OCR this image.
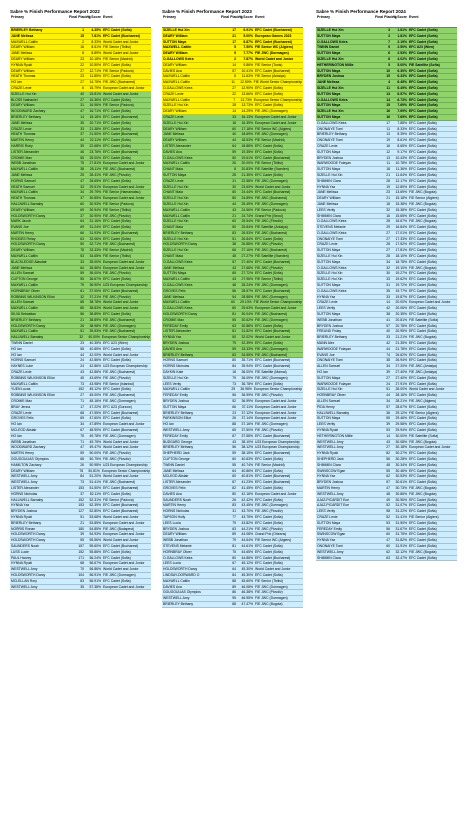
Sabre % Finish Performance Report 2022
Primary	Final Placing
% Score Event
BRIERLEY Bethany	1	4.35% EFC Cadet (Sofia)
JANE Melissa	15	7.81% EFC Cadet (Bucharest)
MAXWELL Caitlin	2	8.33% World Cadet and Junior
DEARY William	16	8.51% FIE Senior (Tbilisi)
JANE Melissa	8	8.89% World Cadet and Junior
DEARY William	23	10.18% FIE Senior (Madrid)
HYNNA Ryuki	22	10.50% EFC Cadet (Sofia)
DEARY William	27	12.71% FIE Senior (Padova)
HEATH Thomas	23	11.85% EFC Cadet (Sofia)
HO Ian	27	14.75% FIE JWC (Bucharest)
CRAZE Lexie	6	15.79% European Cadet and Junior
SIZELLE Hui Xin	40	15.81% World Cadet and Junior
BLOSS Nathaniel	27	16.36% EFC Cadet (Sofia)
DEARY William	31	16.96% FIE Senior (Padova)
WOODWARD Zachary	47	16.71% EFC Cadet (Sofia)
BRIERLEY Bethany	14	18.18% EFC Cadet (Bucharest)
JANE Melissa	35	20.71% EFC Cadet (Sofia)
CRAZE Lexie	33	21.38% EFC Cadet (Sofia)
HEATH Thomas	37	21.50% EFC Cadet (Bucharest)
MARTIN Henry	44	22.11% EFC Cadet (Sofia)
HARRIS Ruby	39	22.68% EFC Cadet (Sofia)
LISTER Alexander	46	23.76% EFC Cadet (Bucharest)
CROMIE Max	55	25.00% EFC Cadet (Sofia)
WEBB Jonathan	75	27.81% European Cadet and Junior
MAXWELL Caitlin	38	28.11% FIE JWC (Bucharest)
JANE Melissa	25	28.41% FIE JWC (Plovdiv)
HORNS Samuel	47	28.65% EFC Cadet (Sofia)
HEATH Samuel	33	29.51% European Cadet and Junior
MAXWELL Caitlin	34	29.79% FIE Senior (Hamamatsu)
HEATH Thomas	37	30.85% European Cadet and Junior
HALLIWELL Barnaby	60	30.93% FIE Senior (Padova)
DEARY William	69	30.94% FIE Senior (Tbilisi)
HOLDSWORTH Darcy	37	30.90% FIE JWC (Plovdiv)
MARK Jacob	64	31.16% EFC Cadet (Sofia)
EVANS Joe	69	31.24% EFC Cadet (Sofia)
MARTIN Henry	66	31.93% EFC Cadet (Bucharest)
RHODES Finlay	63	32.06% EFC Cadet (Sofia)
HOLDSWORTH Darcy	50	32.71% FIE JWC (Bucharest)
DEARY William	78	33.33% FIE Senior (Madrid)
MAXWELL Caitlin	53	34.65% FIE Senior (Tbilisi)
BLACKLEDGE Alasdair	33	35.00% European Cadet and Junior
JANE Melissa	64	35.56% European Cadet and Junior
ALLEN Samuel	59	36.00% FIE JWC (Plovdiv)
CLIFTON George	55	36.67% EFC Cadet (Sofia)
MAXWELL Caitlin	79	36.90% U23 European Championship
HORNBRAY Oliver	61	37.00% EFC Cadet (Bucharest)
ROBBINS WILKINSON Elliot	32	37.21% FIE JWC (Plovdiv)
ALLEN Samuel	68	38.78% World Cadet and Junior
MAXWELL Caitlin	85	38.83% World Cadet and Junior
SILVA Sebastian	56	38.89% EFC Cadet (Sofia)
BRIERLEY Bethany	21	38.89% FIE JWC (Bucharest)
HOLDSWORTH Darcy	26	38.98% FIE JWC (Dormagen)
MAXWELL Caitlin	51	39.53% FIE JWC (Bucharest)
HALLIWELL Barnaby	32	40.00% European Senior Championship
TWINN Daniel	23	40.35% EFC U23 (Wien)
HO Ian	58	40.85% EFC Cadet (Sofia)
HO Ian	44	42.00% World Cadet and Junior
HORNS Samuel	24	42.86% EFC Cadet (Sofia)
HAYNES Luke	24	42.86% U23 European Championship
CRAZE Lexie	43	42.86% FIE JWC (Bucharest)
ROBBINS WILKINSON Elliot	45	43.69% FIE JWC (Plovdiv)
MAXWELL Caitlin	73	43.98% FIE Senior (Istanbul)
YUEN Lucas	152	45.12% EFC Cadet (Sofia)
ROBBINS WILKINSON Elliot	27	45.00% FIE JWC (Bucharest)
CROMIE Max	71	45.16% FIE JWC (Dormagen)
BRAY Jenna	17	47.22% EFC U23 (Gorzow)
CRAZE Lexie	68	47.55% EFC Cadet (Bucharest)
GROVES Felix	69	47.60% EFC Cadet (Sofia)
HO Ian	34	47.89% European Cadet and Junior
MCLEOD Alistair	67	48.90% EFC Cadet (Bucharest)
HO Ian	75	49.78% FIE JWC (Dormagen)
WEBB Jonathan	71	49.75% World Cadet and Junior
WOODWARD Zachary	47	49.47% World Cadet and Junior
MARTIN Henry	59	50.00% FIE JWC (Plovdiv)
GOUGOULIAS Olympios	68	50.75% FIE JWC (Plovdiv)
HAMILTON Zachary	26	50.98% U23 European Championship
DEARY William	78	50.81% European Senior Championship
WESTWELL Amy	84	51.20% World Cadet and Junior
WESTWELL Amy	73	51.41% FIE JWC (Bucharest)
LISTER Alexander	153	51.50% EFC Cadet (Bucharest)
HORNS Nicholas	37	52.11% EFC Cadet (Sofia)
HALLIWELL Barnaby	152	52.31% FIE Senior (Padova)
HYNNA Yaz	153	52.39% EFC Cadet (Bucharest)
BRYDEN Joshua	127	52.80% EFC Cadet (Bucharest)
HYNNA Ryuki	51	53.68% World Cadet and Junior
BRIERLEY Bethany	21	53.85% European Cadet and Junior
NORRIS Ronan	180	54.85% FIE JWC (Budapest)
HOLDSWORTH Darcy	39	54.93% European Cadet and Junior
HOLDSWORTH Darcy	55	55.56% World Cadet and Junior
SAUNDERS Noah	157	55.60% EFC Cadet (Bucharest)
LUSS Lucie	152	55.86% EFC Cadet (Sofia)
PAUL Harvey	171	56.24% EFC Cadet (Sofia)
HYNNA Ryuki	68	56.67% European Cadet and Junior
WESTWELL Amy	70	56.86% World Cadet and Junior
HOLDSWORTH Darcy	104	56.91% FIE JWC (Dormagen)
MCLELLAN Rory	83	56.91% EFC Cadet (Sofia)
WESTWELL Amy	35	57.38% European Cadet and Junior
Sabre % Finish Performance Report 2023
Primary	Final Placing
% Score Event
SIZELLE Hui Xin	17	6.91% EFC Cadet (Bucharest)
DEARY William	21	5.00% European Games 2023
SUTTON Maya	17	6.87% EFC Cadet (Bucharest)
MAXWELL Caitlin	5	7.50% FIE Senior WC (Algiers)
DEARY William	9	7.77% FIE JWC (Dormagen)
O-GALLOWS Keira	2	7.87% World Cadet and Junior
DEARY William	14	9.86% FIE Senior (Tunis)
DAVIES Ava	57	10.41% EFC Cadet (Bucharest)
MAXWELL Caitlin	5	11.63% FIE Senior (Antalya)
MAXWELL Caitlin	11	12.50% FIE World Senior Championship
O-GALLOWS Keira	27	12.90% EFC Cadet (Sofia)
CRAZE Lexie	22	13.66% EFC Cadet (Sofia)
MAXWELL Caitlin	7	13.73% European Senior Championship
SIZELLE Hui Xin	28	13.73% EFC Cadet (Sofia)
DEARY William	14	14.29% FIE JWC (Dormagen)
CRAZE Lexie	33	16.13% European Cadet and Junior
SIZELLE Hui Xin	16	16.39% European Cadet and Junior
DEARY William	60	17.18% FIE Senior WC (Algiers)
JANE Melissa	40	18.69% FIE JWC (Dormagen)
DEARY William	44	18.53% FIE Senior (Madrid)
LISTER Alexander	64	18.88% EFC Cadet (Sofia)
DAVIES Ava	59	19.35% EFC Cadet (Sofia)
O-GALLOWS Keira	50	19.61% EFC Cadet (Bucharest)
MAXWELL Caitlin	26	20.00% FIE Senior (Tbilisi)
CHANT Maia	8	20.83% FIE Satellite (Sweden)
SUTTON Maya	28	21.35% EFC Cadet (Sofia)
CRAZE Lexie	21	22.58% FIE JWC (Dormagen)
SIZELLE Hui Xin	30	23.60% World Cadet and Junior
CHANT Maia	60	24.44% EFC Cadet (Bucharest)
SIZELLE Hui Xin	80	24.89% FIE JWC (Bucharest)
SIZELLE Hui Xin	44	25.49% FIE JWC (Dormagen)
MAXWELL Caitlin	43	24.56% FIE Senior (Padova)
MAXWELL Caitlin	21	24.74% Grand Prix (Seoul)
SIZELLE Hui Xin	60	25.54% FIE JWC (Plovdiv)
CHANT Maia	50	25.84% FIE Satellite (Antalya)
BRIERLEY Bethany	83	26.53% FIE JWC (Bucharest)
SIZELLE Hui Xin	51	26.84% EFC Cadet (Sofia)
HOLDSWORTH Darcy	38	26.88% FIE JWC (Plovdiv)
SIZELLE Hui Xin	66	27.16% FIE JWC (Bucharest)
CHANT Maia	48	27.27% FIE Satellite (Sweden)
O-GALLOWS Keira	57	27.40% EFC Cadet (Bucharest)
JANE Melissa	43	27.68% FIE JWC (Plovdiv)
SUTTON Maya	65	27.72% EFC Cadet (Sofia)
MAXWELL Caitlin	43	27.96% FIE Senior (Tbilisi)
O-GALLOWS Keira	48	28.24% FIE JWC (Dormagen)
GROVES Felix	56	28.57% EFC Cadet (Bucharest)
JANE Melissa	54	28.88% FIE JWC (Dormagen)
MAXWELL Caitlin	60	29.13% FIE World Senior Championship
O-GALLOWS Keira	80	29.63% European Cadet and Junior
HOLDSWORTH Darcy	81	30.04% FIE JWC (Bucharest)
CROMIE Max	55	30.62% FIE JWC (Dormagen)
FEREDAY Emily	63	30.88% EFC Cadet (Sofia)
LISTER Alexander	81	31.82% EFC Cadet (Bucharest)
HYNNA Yaz	50	32.02% World Cadet and Junior
BRYDEN Joshua	79	32.39% EFC Cadet (Sofia)
DAVIES Ava	59	33.33% FIE JWC (Dormagen)
BRIERLEY Bethany	83	34.55% FIE JWC (Bucharest)
HORNS Samuel	80	35.71% EFC Cadet (Bucharest)
HORNS Nicholas	84	35.94% EFC Cadet (Bucharest)
DAYKIN Kate	18	36.00% FIE Satellite (Mamai)
SIZELLE Hui Xin	79	36.09% FIE JWC (Dormagen)
LEES Verity	73	36.78% EFC Cadet (Sofia)
MAXWELL Caitlin	25	36.98% European Senior Championship
FEREDAY Emily	56	36.99% FIE JWC (Plovdiv)
BRYDEN Joshua	52	36.99% European Cadet and Junior
SUTTON Maya	66	37.11% European Cadet and Junior
BRIERLEY Bethany	23	37.12% European Cadet and Junior
PARKINSON Elliot	26	37.14% European Cadet and Junior
HO Ian	88	37.16% FIE JWC (Dormagen)
WESTWELL Amy	65	37.50% FIE JWC (Plovdiv)
FEREDAY Emily	87	37.58% EFC Cadet (Bucharest)
BUDGARD George	43	38.10% U23 European Championship
BRIERLEY Bethany	56	38.12% U23 European Championship
SHEPHERD Jack	59	38.15% EFC Cadet (Bucharest)
CLIFTON George	60	40.63% EFC Cadet (Sofia)
TWINN Daniel	55	40.74% FIE Senior (Madrid)
JANE Melissa	64	40.86% EFC Cadet (Sofia)
MCLEOD Alistair	60	40.81% EFC Cadet (Bucharest)
LISTER Alexander	87	41.23% EFC Cadet (Bucharest)
GROVES Felix	82	41.45% EFC Cadet (Sofia)
DAVIES Ava	80	42.16% European Cadet and Junior
SAUNDERS Noah	26	42.42% EFC Cadet (Sofia)
MARTIN Henry	83	43.45% FIE JWC (Dormagen)
HORNS Nicholas	31	43.70% FIE JWC (Plovdiv)
TAPSON Holly	77	43.75% EFC Cadet (Sofia)
LEES Lucia	79	43.82% EFC Cadet (Sofia)
BRYDEN Joshua	63	44.21% FIE JWC (Plovdiv)
DEARY William	89	44.08% Grand Prix (Orleans)
WEBB Jonathan	79	44.64% FIE Senior WC (Algiers)
STEVENS Melanie	81	44.61% EFC Cadet (Sofia)
HORNBRAY Oliver	75	44.65% EFC Cadet (Sofia)
O-GALLOWS Keira	80	44.86% EFC Cadet (Bucharest)
LEES Lucia	67	45.12% EFC Cadet (Sofia)
HOLDSWORTH Darcy	64	45.30% World Cadet and Junior
LINDSAY-DORWARD O	84	45.30% EFC Cadet (Sofia)
MAXWELL Caitlin	88	45.60% FIE Senior (Tbilisi)
DAVIES Ava	89	46.08% FIE JWC (Dormagen)
GOUGOULIAS Olympios	86	46.38% FIE JWC (Plovdiv)
WESTWELL Amy	95	46.95% FIE JWC (Dormagen)
BRIERLEY Bethany	88	47.47% FIE JWC (Bogota)
Sabre % Finish Performance Report 2024
Primary	Final Placing
% Score Event
SIZELLE Hui Xin	3	1.81% EFC Cadet (Sofia)
SUTTON Maya	3	1.81% EFC Cadet (Sofia)
O-GALLOWS Keira	7	2.19% EFC Cadet (Sofia)
TWINN Daniel	5	2.50% EFC U23 (Wien)
SUTTON Maya	6	2.53% EFC Cadet (Sofia)
SIZELLE Hui Xin	8	4.02% EFC Cadet (Sofia)
HETHERINGTON Millie	5	5.00% FIE Satellite (Sofia)
SUTTON Maya	10	6.30% EFC Cadet (Sofia)
BRYDEN Joshua	15	6.33% EFC Cadet (Sofia)
JANE Melissa	4	6.45% EFC Cadet (Sofia)
SIZELLE Hui Xin	11	6.49% EFC Cadet (Sofia)
SUTTON Maya	13	6.57% EFC Cadet (Sofia)
O-GALLOWS Keira	14	6.73% EFC Cadet (Sofia)
SUTTON Maya	15	7.69% EFC Cadet (Sofia)
SIZELLE Hui Xin	16	7.69% EFC Cadet (Sofia)
SUTTON Maya	16	7.69% EFC Cadet (Sofia)
O-GALLOWS Keira	17	7.88% EFC Cadet (Sofia)
ONONAIYE Tomi	11	8.33% EFC Cadet (Sofia)
BRIERLEY Bethany	13	8.39% EFC Cadet (Sofia)
ONONAIYE Tomi	19	8.61% EFC Cadet (Sofia)
CRAZE Lexie	16	8.65% EFC Cadet (Sofia)
SUTTON Maya	12	9.17% EFC Cadet (Sofia)
BRYDEN Joshua	13	10.43% EFC Cadet (Sofia)
WARWOODE Folayan	11	10.78% EFC Cadet (Sofia)
SUTTON Maya	18	11.36% EFC Cadet (Sofia)
SIZELLE Hui Xin	21	11.64% EFC Cadet (Sofia)
SHIMMIN Clara	28	12.17% EFC Cadet (Sofia)
HYNNA Yaz	19	12.80% EFC Cadet (Sofia)
JANE Melissa	23	13.69% FIE JWC (Bogota)
DEARY William	21	15.18% FIE Senior (Algiers)
JANE Melissa	18	15.38% FIE JWC (Bogota)
LEES Verity	32	15.38% EFC Cadet (Sofia)
SHIMMIN Clara	16	15.65% EFC Cadet (Sofia)
O-GALLOWS Keira	28	16.67% FIE JWC (Bogota)
STEVENS Melanie	29	16.84% EFC Cadet (Sofia)
O-GALLOWS Keira	27	17.01% EFC Cadet (Sofia)
ONONAIYE Tomi	27	17.33% EFC Cadet (Sofia)
CRAZE Lexie	28	17.52% EFC Cadet (Sofia)
SUTTON Maya	27	17.81% EFC Cadet (Sofia)
SIZELLE Hui Xin	28	18.10% EFC Cadet (Sofia)
SUTTON Maya	34	18.78% EFC Cadet (Sofia)
O-GALLOWS Keira	32	19.10% FIE JWC (Bogota)
SIZELLE Hui Xin	30	19.27% EFC Cadet (Sofia)
SIZELLE Hui Xin	33	19.62% EFC Cadet (Sofia)
SUTTON Maya	31	19.72% EFC Cadet (Sofia)
O-GALLOWS Keira	35	19.77% EFC Cadet (Sofia)
HYNNA Yaz	33	19.87% EFC Cadet (Sofia)
CRAZE Lexie	14	20.00% European Cadet and Junior
LEES Verity	42	20.06% EFC Cadet (Sofia)
SUTTON Maya	38	20.35% EFC Cadet (Sofia)
WEBB Jonathan	41	20.81% FIE Satellite (Sofia)
BRYDEN Joshua	57	20.78% EFC Cadet (Sofia)
FREUND Finlay	40	20.95% EFC Cadet (Sofia)
BRIERLEY Bethany	33	21.21% FIE JWC (Bogota)
MANN Alex	42	21.35% EFC Cadet (Sofia)
WARWOODE Folayan	44	21.78% EFC Cadet (Sofia)
EVANS Joe	74	26.62% EFC Cadet (Sofia)
ONONAIYE Tomi	38	26.94% EFC Cadet (Sofia)
ALLEN Samuel	34	27.20% FIE JWC (Antalya)
HO Ian	39	27.40% FIE JWC (Antalya)
SUTTON Maya	27	27.40% EFC Cadet (Sofia)
WARWOODE Folayan	24	27.91% EFC Cadet (Sofia)
SIZELLE Hui Xin	51	28.00% World Cadet and Junior
HORNBRAY Oliver	44	28.16% EFC Cadet (Sofia)
ALLEN Samuel	34	28.21% FIE JWC (Algiers)
PIDA Henry	57	28.67% EFC Cadet (Sofia)
HALLIWELL Barnaby	36	29.12% FIE Senior (Algiers)
SUTTON Maya	55	29.46% EFC Cadet (Sofia)
LEES Verity	39	29.58% EFC Cadet (Sofia)
HYNNA Ryuki	53	29.94% EFC Cadet (Sofia)
HETHERINGTON Millie	14	30.00% FIE Satellite (Sofia)
WESTWELL Amy	43	30.08% FIE JWC (Bogota)
WESTWELL Amy	27	30.18% European Cadet and Junior
HYNNA Ryuki	82	30.27% EFC Cadet (Sofia)
SHEPHERD Jack	56	30.28% EFC Cadet (Sofia)
SHIMMIN Clara	48	30.34% EFC Cadet (Sofia)
SWINSCOW Egan	55	30.46% EFC Cadet (Sofia)
HYNNA Yaz	62	30.53% EFC Cadet (Sofia)
BRYDEN Joshua	57	30.61% EFC Cadet (Sofia)
MARTIN Henry	47	30.73% FIE JWC (Bogota)
WESTWELL Amy	48	30.86% FIE JWC (Bogota)
AJAZ-PICARDIT Ece	49	30.96% EFC Cadet (Sofia)
AJAZ-PICARDIT Ece	52	31.07% EFC Cadet (Sofia)
LEES Verity	58	31.22% EFC Cadet (Sofia)
CRAZE Lexie	52	31.41% FIE Senior (Algiers)
SUTTON Maya	53	31.50% EFC Cadet (Sofia)
FEREDAY Emily	56	31.67% EFC Cadet (Sofia)
SWINSCOW Egan	60	31.75% EFC Cadet (Sofia)
HYNNA Yaz	47	31.82% EFC Cadet (Sofia)
ONONAIYE Tomi	60	31.91% EFC Cadet (Sofia)
WESTWELL Amy	62	32.12% FIE JWC (Bogota)
SHIMMIN Clara	63	32.47% EFC Cadet (Sofia)
